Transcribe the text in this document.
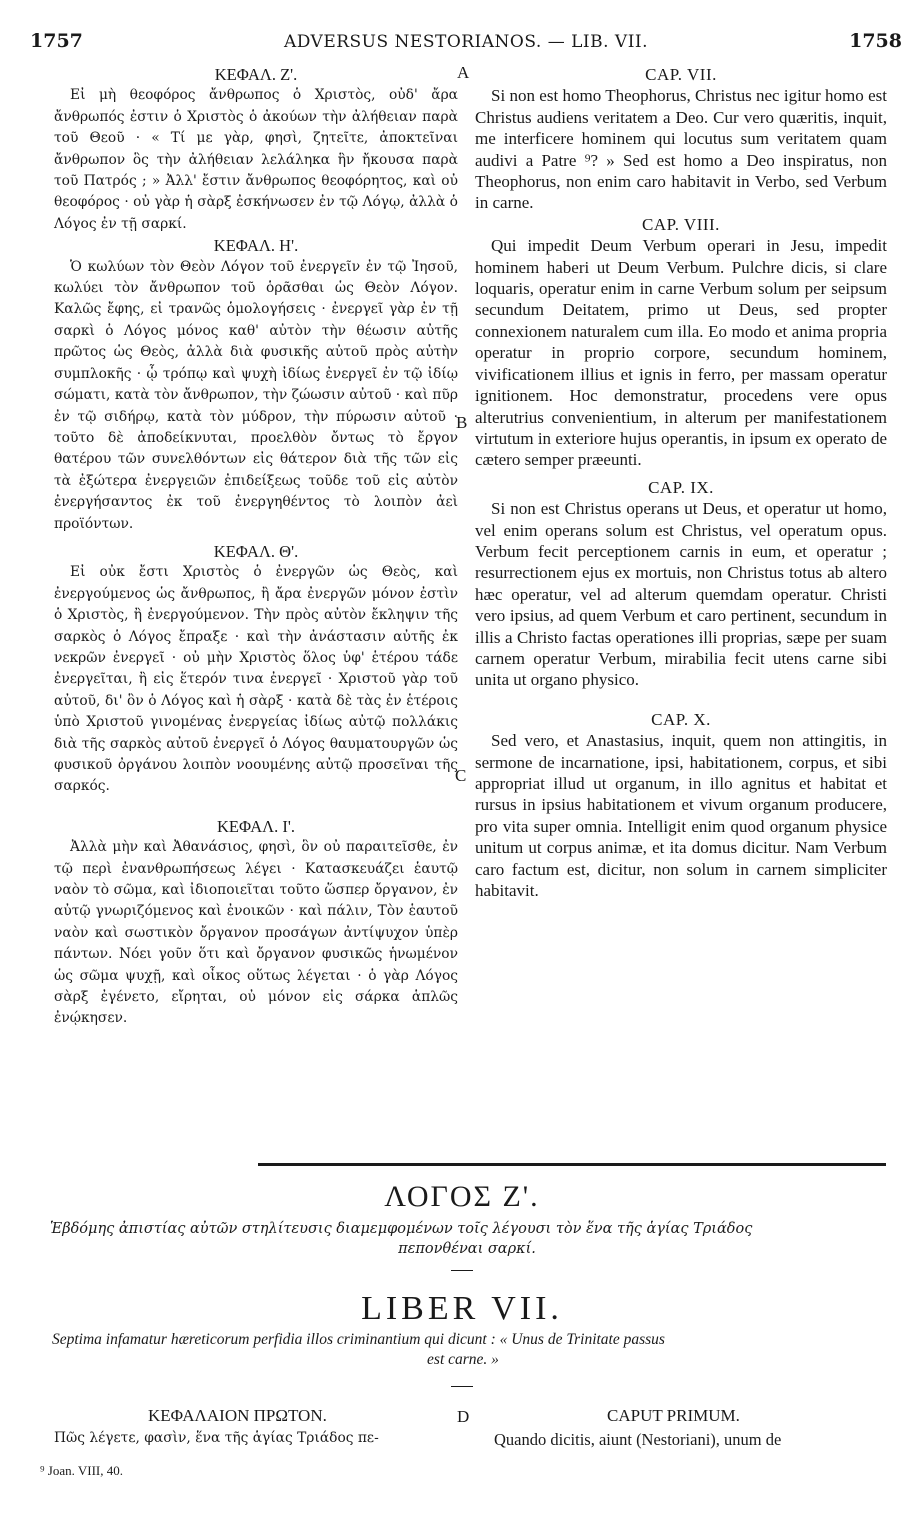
1757	ADVERSUS NESTORIANOS. — LIB. VII.	1758
A
B
C
D
ΚΕΦΑΛ. Ζ'.

Εἰ μὴ θεοφόρος ἄνθρωπος ὁ Χριστὸς, οὐδ' ἄρα ἄνθρωπός ἐστιν ὁ Χριστὸς ὁ ἀκούων τὴν ἀλήθειαν παρὰ τοῦ Θεοῦ · « Τί με γὰρ, φησὶ, ζητεῖτε, ἀποκτεῖναι ἄνθρωπον ὃς τὴν ἀλήθειαν λελάληκα ἣν ἤκουσα παρὰ τοῦ Πατρός ; » Ἀλλ' ἔστιν ἄνθρωπος θεοφόρητος, καὶ οὐ θεοφόρος · οὐ γὰρ ἡ σὰρξ ἐσκήνωσεν ἐν τῷ Λόγῳ, ἀλλὰ ὁ Λόγος ἐν τῇ σαρκί.

ΚΕΦΑΛ. Η'.

Ὁ κωλύων τὸν Θεὸν Λόγον τοῦ ἐνεργεῖν ἐν τῷ Ἰησοῦ, κωλύει τὸν ἄνθρωπον τοῦ ὁρᾶσθαι ὡς Θεὸν Λόγον. Καλῶς ἔφης, εἰ τρανῶς ὁμολογήσεις · ἐνεργεῖ γὰρ ἐν τῇ σαρκὶ ὁ Λόγος μόνος καθ' αὐτὸν τὴν θέωσιν αὐτῆς πρῶτος ὡς Θεὸς, ἀλλὰ διὰ φυσικῆς αὐτοῦ πρὸς αὐτὴν συμπλοκῆς · ᾧ τρόπῳ καὶ ψυχὴ ἰδίως ἐνεργεῖ ἐν τῷ ἰδίῳ σώματι, κατὰ τὸν ἄνθρωπον, τὴν ζώωσιν αὐτοῦ · καὶ πῦρ ἐν τῷ σιδήρῳ, κατὰ τὸν μύδρον, τὴν πύρωσιν αὐτοῦ · τοῦτο δὲ ἀποδείκνυται, προελθὸν ὄντως τὸ ἔργον θατέρου τῶν συνελθόντων εἰς θάτερον διὰ τῆς τῶν εἰς τὰ ἐξώτερα ἐνεργειῶν ἐπιδείξεως τοῦδε τοῦ εἰς αὐτὸν ἐνεργήσαντος ἐκ τοῦ ἐνεργηθέντος τὸ λοιπὸν ἀεὶ προϊόντων.

ΚΕΦΑΛ. Θ'.

Εἰ οὐκ ἔστι Χριστὸς ὁ ἐνεργῶν ὡς Θεὸς, καὶ ἐνεργούμενος ὡς ἄνθρωπος, ἢ ἄρα ἐνεργῶν μόνον ἐστὶν ὁ Χριστὸς, ἢ ἐνεργούμενον. Τὴν πρὸς αὐτὸν ἔκληψιν τῆς σαρκὸς ὁ Λόγος ἔπραξε · καὶ τὴν ἀνάστασιν αὐτῆς ἐκ νεκρῶν ἐνεργεῖ · οὐ μὴν Χριστὸς ὅλος ὑφ' ἑτέρου τάδε ἐνεργεῖται, ἢ εἰς ἕτερόν τινα ἐνεργεῖ · Χριστοῦ γὰρ τοῦ αὐτοῦ, δι' ὃν ὁ Λόγος καὶ ἡ σὰρξ · κατὰ δὲ τὰς ἐν ἑτέροις ὑπὸ Χριστοῦ γινομένας ἐνεργείας ἰδίως αὐτῷ πολλάκις διὰ τῆς σαρκὸς αὐτοῦ ἐνεργεῖ ὁ Λόγος θαυματουργῶν ὡς φυσικοῦ ὀργάνου λοιπὸν νοουμένης αὐτῷ προσεῖναι τῆς σαρκός.

ΚΕΦΑΛ. Ι'.

Ἀλλὰ μὴν καὶ Ἀθανάσιος, φησὶ, ὃν οὐ παραιτεῖσθε, ἐν τῷ περὶ ἐνανθρωπήσεως λέγει · Κατασκευάζει ἑαυτῷ ναὸν τὸ σῶμα, καὶ ἰδιοποιεῖται τοῦτο ὥσπερ ὄργανον, ἐν αὐτῷ γνωριζόμενος καὶ ἐνοικῶν · καὶ πάλιν, Τὸν ἑαυτοῦ ναὸν καὶ σωστικὸν ὄργανον προσάγων ἀντίψυχον ὑπὲρ πάντων. Νόει γοῦν ὅτι καὶ ὄργανον φυσικῶς ἡνωμένον ὡς σῶμα ψυχῇ, καὶ οἶκος οὕτως λέγεται · ὁ γὰρ Λόγος σὰρξ ἐγένετο, εἴρηται, οὐ μόνον εἰς σάρκα ἁπλῶς ἐνῴκησεν.

CAP. VII.

Si non est homo Theophorus, Christus nec igitur homo est Christus audiens veritatem a Deo. Cur vero quæritis, inquit, me interficere hominem qui locutus sum veritatem quam audivi a Patre ⁹? » Sed est homo a Deo inspiratus, non Theophorus, non enim caro habitavit in Verbo, sed Verbum in carne.

CAP. VIII.

Qui impedit Deum Verbum operari in Jesu, impedit hominem haberi ut Deum Verbum. Pulchre dicis, si clare loquaris, operatur enim in carne Verbum solum per seipsum secundum Deitatem, primo ut Deus, sed propter connexionem naturalem cum illa. Eo modo et anima propria operatur in proprio corpore, secundum hominem, vivificationem illius et ignis in ferro, per massam operatur ignitionem. Hoc demonstratur, procedens vere opus alterutrius convenientium, in alterum per manifestationem virtutum in exteriore hujus operantis, in ipsum ex operato de cætero semper præeunti.

CAP. IX.

Si non est Christus operans ut Deus, et operatur ut homo, vel enim operans solum est Christus, vel operatum opus. Verbum fecit perceptionem carnis in eum, et operatur ; resurrectionem ejus ex mortuis, non Christus totus ab altero hæc operatur, vel ad alterum quemdam operatur. Christi vero ipsius, ad quem Verbum et caro pertinent, secundum in illis a Christo factas operationes illi proprias, sæpe per suam carnem operatur Verbum, mirabilia fecit utens carne sibi unita ut organo physico.

CAP. X.

Sed vero, et Anastasius, inquit, quem non attingitis, in sermone de incarnatione, ipsi, habitationem, corpus, et sibi appropriat illud ut organum, in illo agnitus et habitat et rursus in ipsius habitationem et vivum organum producere, pro vita super omnia. Intelligit enim quod organum physice unitum ut corpus animæ, et ita domus dicitur. Nam Verbum caro factum est, dicitur, non solum in carnem simpliciter habitavit.

ΛΟΓΟΣ Ζ'.
Ἑβδόμης ἀπιστίας αὐτῶν στηλίτευσις διαμεμφομένων τοῖς λέγουσι τὸν ἕνα τῆς ἁγίας Τριάδος
πεπονθέναι σαρκί.
LIBER VII.
Septima infamatur hæreticorum perfidia illos criminantium qui dicunt : « Unus de Trinitate passus
est carne. »
ΚΕΦΑΛΑΙΟΝ ΠΡΩΤΟΝ.	CAPUT PRIMUM.
Πῶς λέγετε, φασὶν, ἕνα τῆς ἁγίας Τριάδος πε-	Quando dicitis, aiunt (Nestoriani), unum de
⁹ Joan. VIII, 40.
